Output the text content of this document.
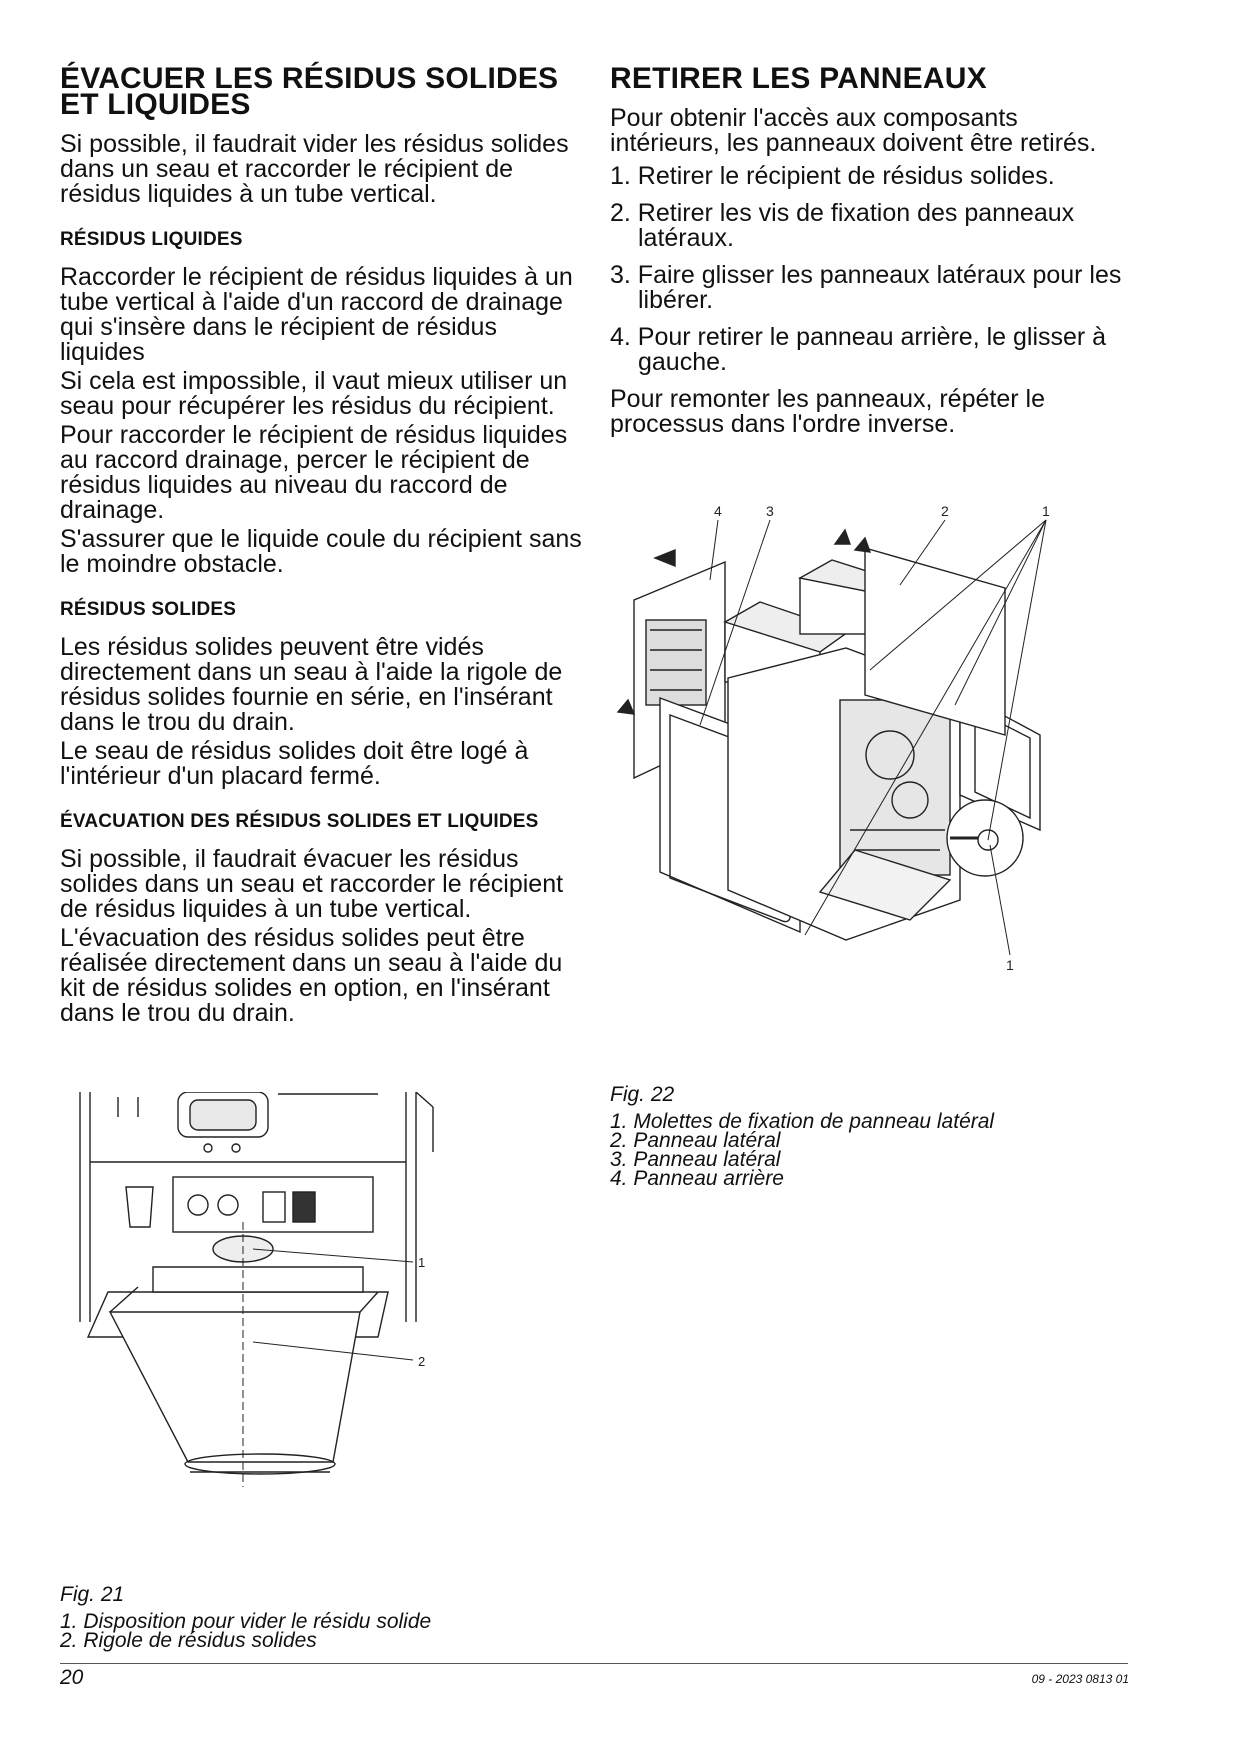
ÉVACUER LES RÉSIDUS SOLIDES ET LIQUIDES

Si possible, il faudrait vider les résidus solides dans un seau et raccorder le récipient de résidus liquides à un tube vertical.

RÉSIDUS LIQUIDES

Raccorder le récipient de résidus liquides à un tube vertical à l'aide d'un raccord de drainage qui s'insère dans le récipient de résidus liquides

Si cela est impossible, il vaut mieux utiliser un seau pour récupérer les résidus du récipient.

Pour raccorder le récipient de résidus liquides au raccord drainage, percer le récipient de résidus liquides au niveau du raccord de drainage.

S'assurer que le liquide coule du récipient sans le moindre obstacle.

RÉSIDUS SOLIDES

Les résidus solides peuvent être vidés directement dans un seau à l'aide la rigole de résidus solides fournie en série, en l'insérant dans le trou du drain.

Le seau de résidus solides doit être logé à l'intérieur d'un placard fermé.

ÉVACUATION DES RÉSIDUS SOLIDES ET LIQUIDES

Si possible, il faudrait évacuer les résidus solides dans un seau et raccorder le récipient de résidus liquides à un tube vertical.

L'évacuation des résidus solides peut être réalisée directement dans un seau à l'aide du kit de résidus solides en option, en l'insérant dans le trou du drain.

RETIRER LES PANNEAUX

Pour obtenir l'accès aux composants intérieurs, les panneaux doivent être retirés.

1. Retirer le récipient de résidus solides.
2. Retirer les vis de fixation des panneaux latéraux.
3. Faire glisser les panneaux latéraux pour les libérer.
4. Pour retirer le panneau arrière, le glisser à gauche.

Pour remonter les panneaux, répéter le processus dans l'ordre inverse.

4	3	2	1
1
Fig. 22
1. Molettes de fixation de panneau latéral
2. Panneau latéral
3. Panneau latéral
4. Panneau arrière
1
2
Fig. 21
1. Disposition pour vider le résidu solide
2. Rigole de résidus solides
20	09 - 2023 0813 01
